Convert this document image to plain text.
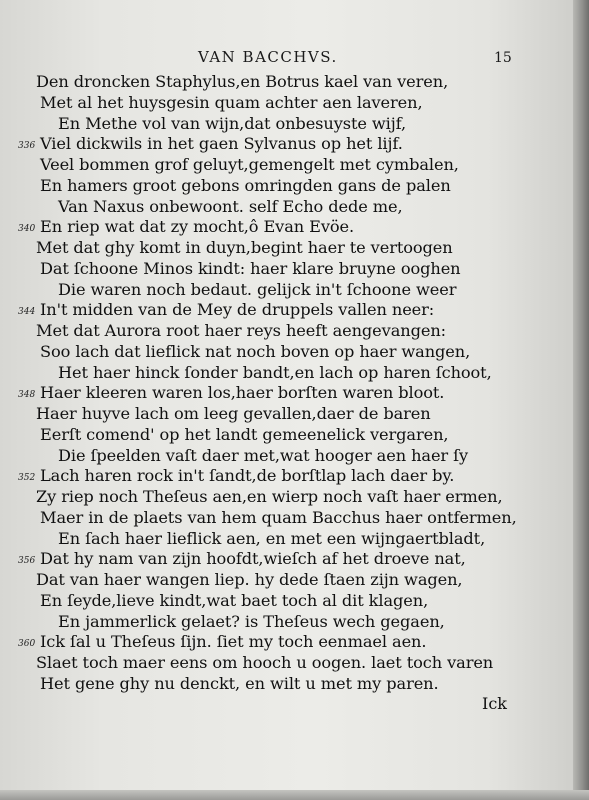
VAN BACCHVS.	15
Den droncken Staphylus,en Botrus kael van veren,
Met al het huysgesin quam achter aen laveren,
En Methe vol van wijn,dat onbesuyste wijf,
Viel dickwils in het gaen Sylvanus op het lijf.
336
Veel bommen grof geluyt,gemengelt met cymbalen,
En hamers groot gebons omringden gans de palen
Van Naxus onbewoont. self Echo dede me,
En riep wat dat zy mocht,ô Evan Evöe.
340
Met dat ghy komt in duyn,begint haer te vertoogen
Dat ſchoone Minos kindt: haer klare bruyne ooghen
Die waren noch bedaut. gelijck in't ſchoone weer
In't midden van de Mey de druppels vallen neer:
344
Met dat Aurora root haer reys heeft aengevangen:
Soo lach dat lieflick nat noch boven op haer wangen,
Het haer hinck ſonder bandt,en lach op haren ſchoot,
Haer kleeren waren los,haer borſten waren bloot.
348
Haer huyve lach om leeg gevallen,daer de baren
Eerſt comend' op het landt gemeenelick vergaren,
Die ſpeelden vaſt daer met,wat hooger aen haer ſy
Lach haren rock in't ſandt,de borſtlap lach daer by.
352
Zy riep noch Theſeus aen,en wierp noch vaſt haer ermen,
Maer in de plaets van hem quam Bacchus haer ontfermen,
En ſach haer lieflick aen, en met een wijngaertbladt,
Dat hy nam van zijn hoofdt,wieſch af het droeve nat,
356
Dat van haer wangen liep. hy dede ſtaen zijn wagen,
En ſeyde,lieve kindt,wat baet toch al dit klagen,
En jammerlick gelaet? is Theſeus wech gegaen,
Ick ſal u Theſeus ſijn. ſiet my toch eenmael aen.
360
Slaet toch maer eens om hooch u oogen. laet toch varen
Het gene ghy nu denckt, en wilt u met my paren.
Ick
